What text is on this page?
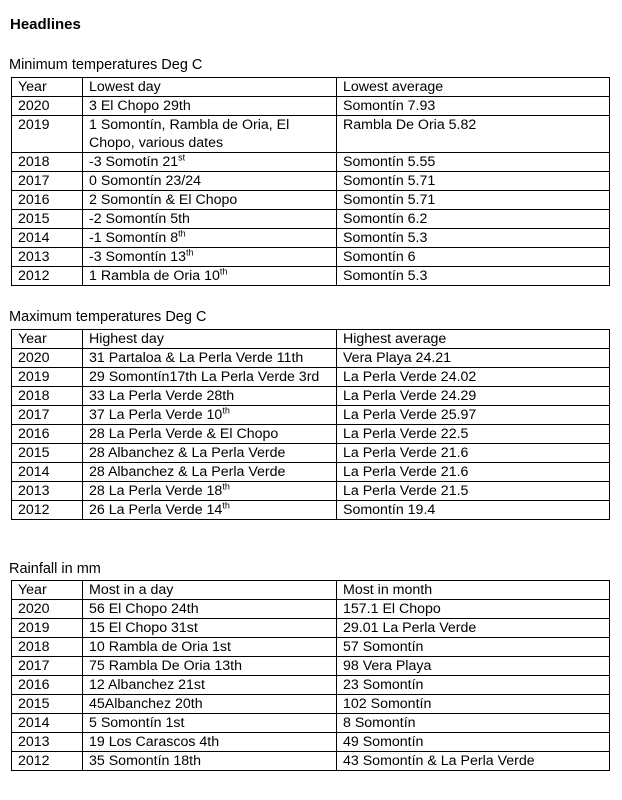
Headlines
Minimum temperatures Deg C
Year	Lowest day	Lowest average
2020	3 El Chopo 29th	Somontín 7.93
2019	1 Somontín, Rambla de Oria, El Chopo, various dates	Rambla De Oria 5.82
2018	-3 Somotín 21st	Somontín 5.55
2017	0 Somontín 23/24	Somontín 5.71
2016	2 Somontín & El Chopo	Somontín 5.71
2015	-2 Somontín 5th	Somontín 6.2
2014	-1 Somontín 8th	Somontín 5.3
2013	-3 Somontín 13th	Somontín 6
2012	1 Rambla de Oria 10th	Somontín 5.3
Maximum temperatures Deg C
Year	Highest day	Highest average
2020	31 Partaloa & La Perla Verde 11th	Vera Playa 24.21
2019	29 Somontín17th La Perla Verde 3rd	La Perla Verde 24.02
2018	33 La Perla Verde 28th	La Perla Verde 24.29
2017	37 La Perla Verde 10th	La Perla Verde 25.97
2016	28 La Perla Verde & El Chopo	La Perla Verde 22.5
2015	28 Albanchez & La Perla Verde	La Perla Verde 21.6
2014	28 Albanchez & La Perla Verde	La Perla Verde 21.6
2013	28 La Perla Verde 18th	La Perla Verde 21.5
2012	26 La Perla Verde 14th	Somontín 19.4
Rainfall in mm
Year	Most in a day	Most in month
2020	56 El Chopo 24th	157.1 El Chopo
2019	15 El Chopo 31st	29.01 La Perla Verde
2018	10 Rambla de Oria 1st	57 Somontín
2017	75 Rambla De Oria 13th	98 Vera Playa
2016	12 Albanchez 21st	23 Somontín
2015	45Albanchez 20th	102 Somontín
2014	5 Somontín 1st	8 Somontín
2013	19 Los Carascos 4th	49 Somontín
2012	35 Somontín 18th	43 Somontín & La Perla Verde
